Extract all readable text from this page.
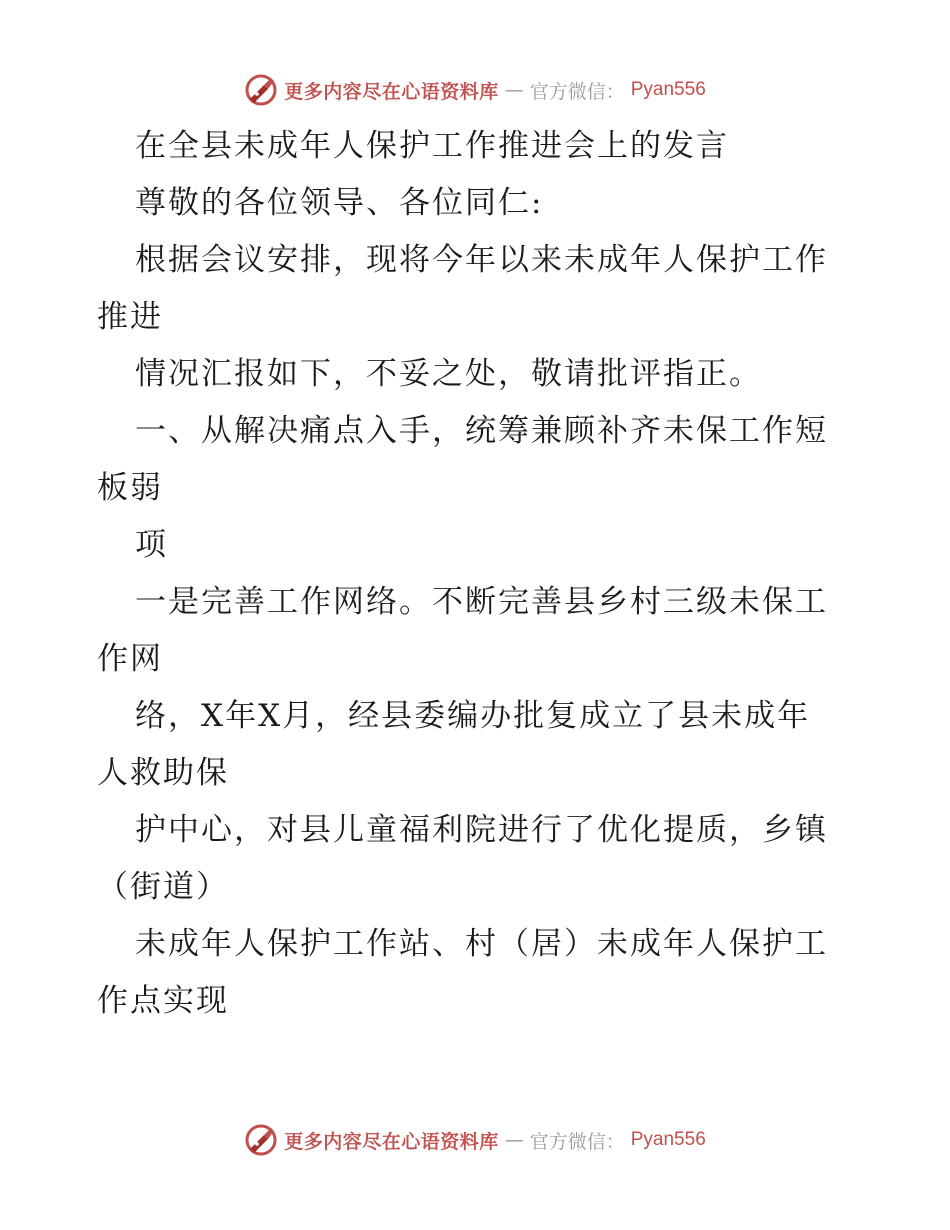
更多内容尽在心语资料库 — 官方微信： Pyan556
在全县未成年人保护工作推进会上的发言
尊敬的各位领导、各位同仁:
根据会议安排，现将今年以来未成年人保护工作
推进
情况汇报如下，不妥之处，敬请批评指正。
一、从解决痛点入手，统筹兼顾补齐未保工作短
板弱
项
一是完善工作网络。不断完善县乡村三级未保工
作网
络，X年X月，经县委编办批复成立了县未成年
人救助保
护中心，对县儿童福利院进行了优化提质，乡镇
（街道）
未成年人保护工作站、村（居）未成年人保护工
作点实现
更多内容尽在心语资料库 — 官方微信： Pyan556
